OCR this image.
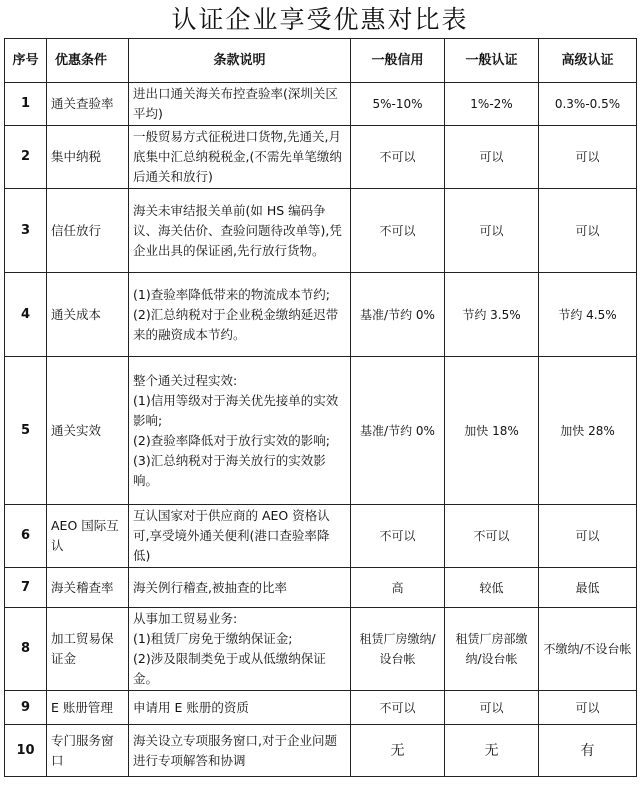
认证企业享受优惠对比表
序号	优惠条件	条款说明	一般信用	一般认证	高级认证
1	通关查验率	进出口通关海关布控查验率(深圳关区平均)	5%-10%	1%-2%	0.3%-0.5%
2	集中纳税	一般贸易方式征税进口货物,先通关,月底集中汇总纳税税金,(不需先单笔缴纳后通关和放行)	不可以	可以	可以
3	信任放行	海关未审结报关单前(如 HS 编码争议、海关估价、查验问题待改单等),凭企业出具的保证函,先行放行货物。	不可以	可以	可以
4	通关成本	(1)查验率降低带来的物流成本节约;
(2)汇总纳税对于企业税金缴纳延迟带来的融资成本节约。	基准/节约 0%	节约 3.5%	节约 4.5%
5	通关实效	整个通关过程实效:
(1)信用等级对于海关优先接单的实效影响;
(2)查验率降低对于放行实效的影响;
(3)汇总纳税对于海关放行的实效影响。	基准/节约 0%	加快 18%	加快 28%
6	AEO 国际互认	互认国家对于供应商的 AEO 资格认可,享受境外通关便利(港口查验率降低)	不可以	不可以	可以
7	海关稽查率	海关例行稽查,被抽查的比率	高	较低	最低
8	加工贸易保证金	从事加工贸易业务:
(1)租赁厂房免于缴纳保证金;
(2)涉及限制类免于或从低缴纳保证金。	租赁厂房缴纳/设台帐	租赁厂房部缴纳/设台帐	不缴纳/不设台帐
9	E 账册管理	申请用 E 账册的资质	不可以	可以	可以
10	专门服务窗口	海关设立专项服务窗口,对于企业问题进行专项解答和协调	无	无	有
